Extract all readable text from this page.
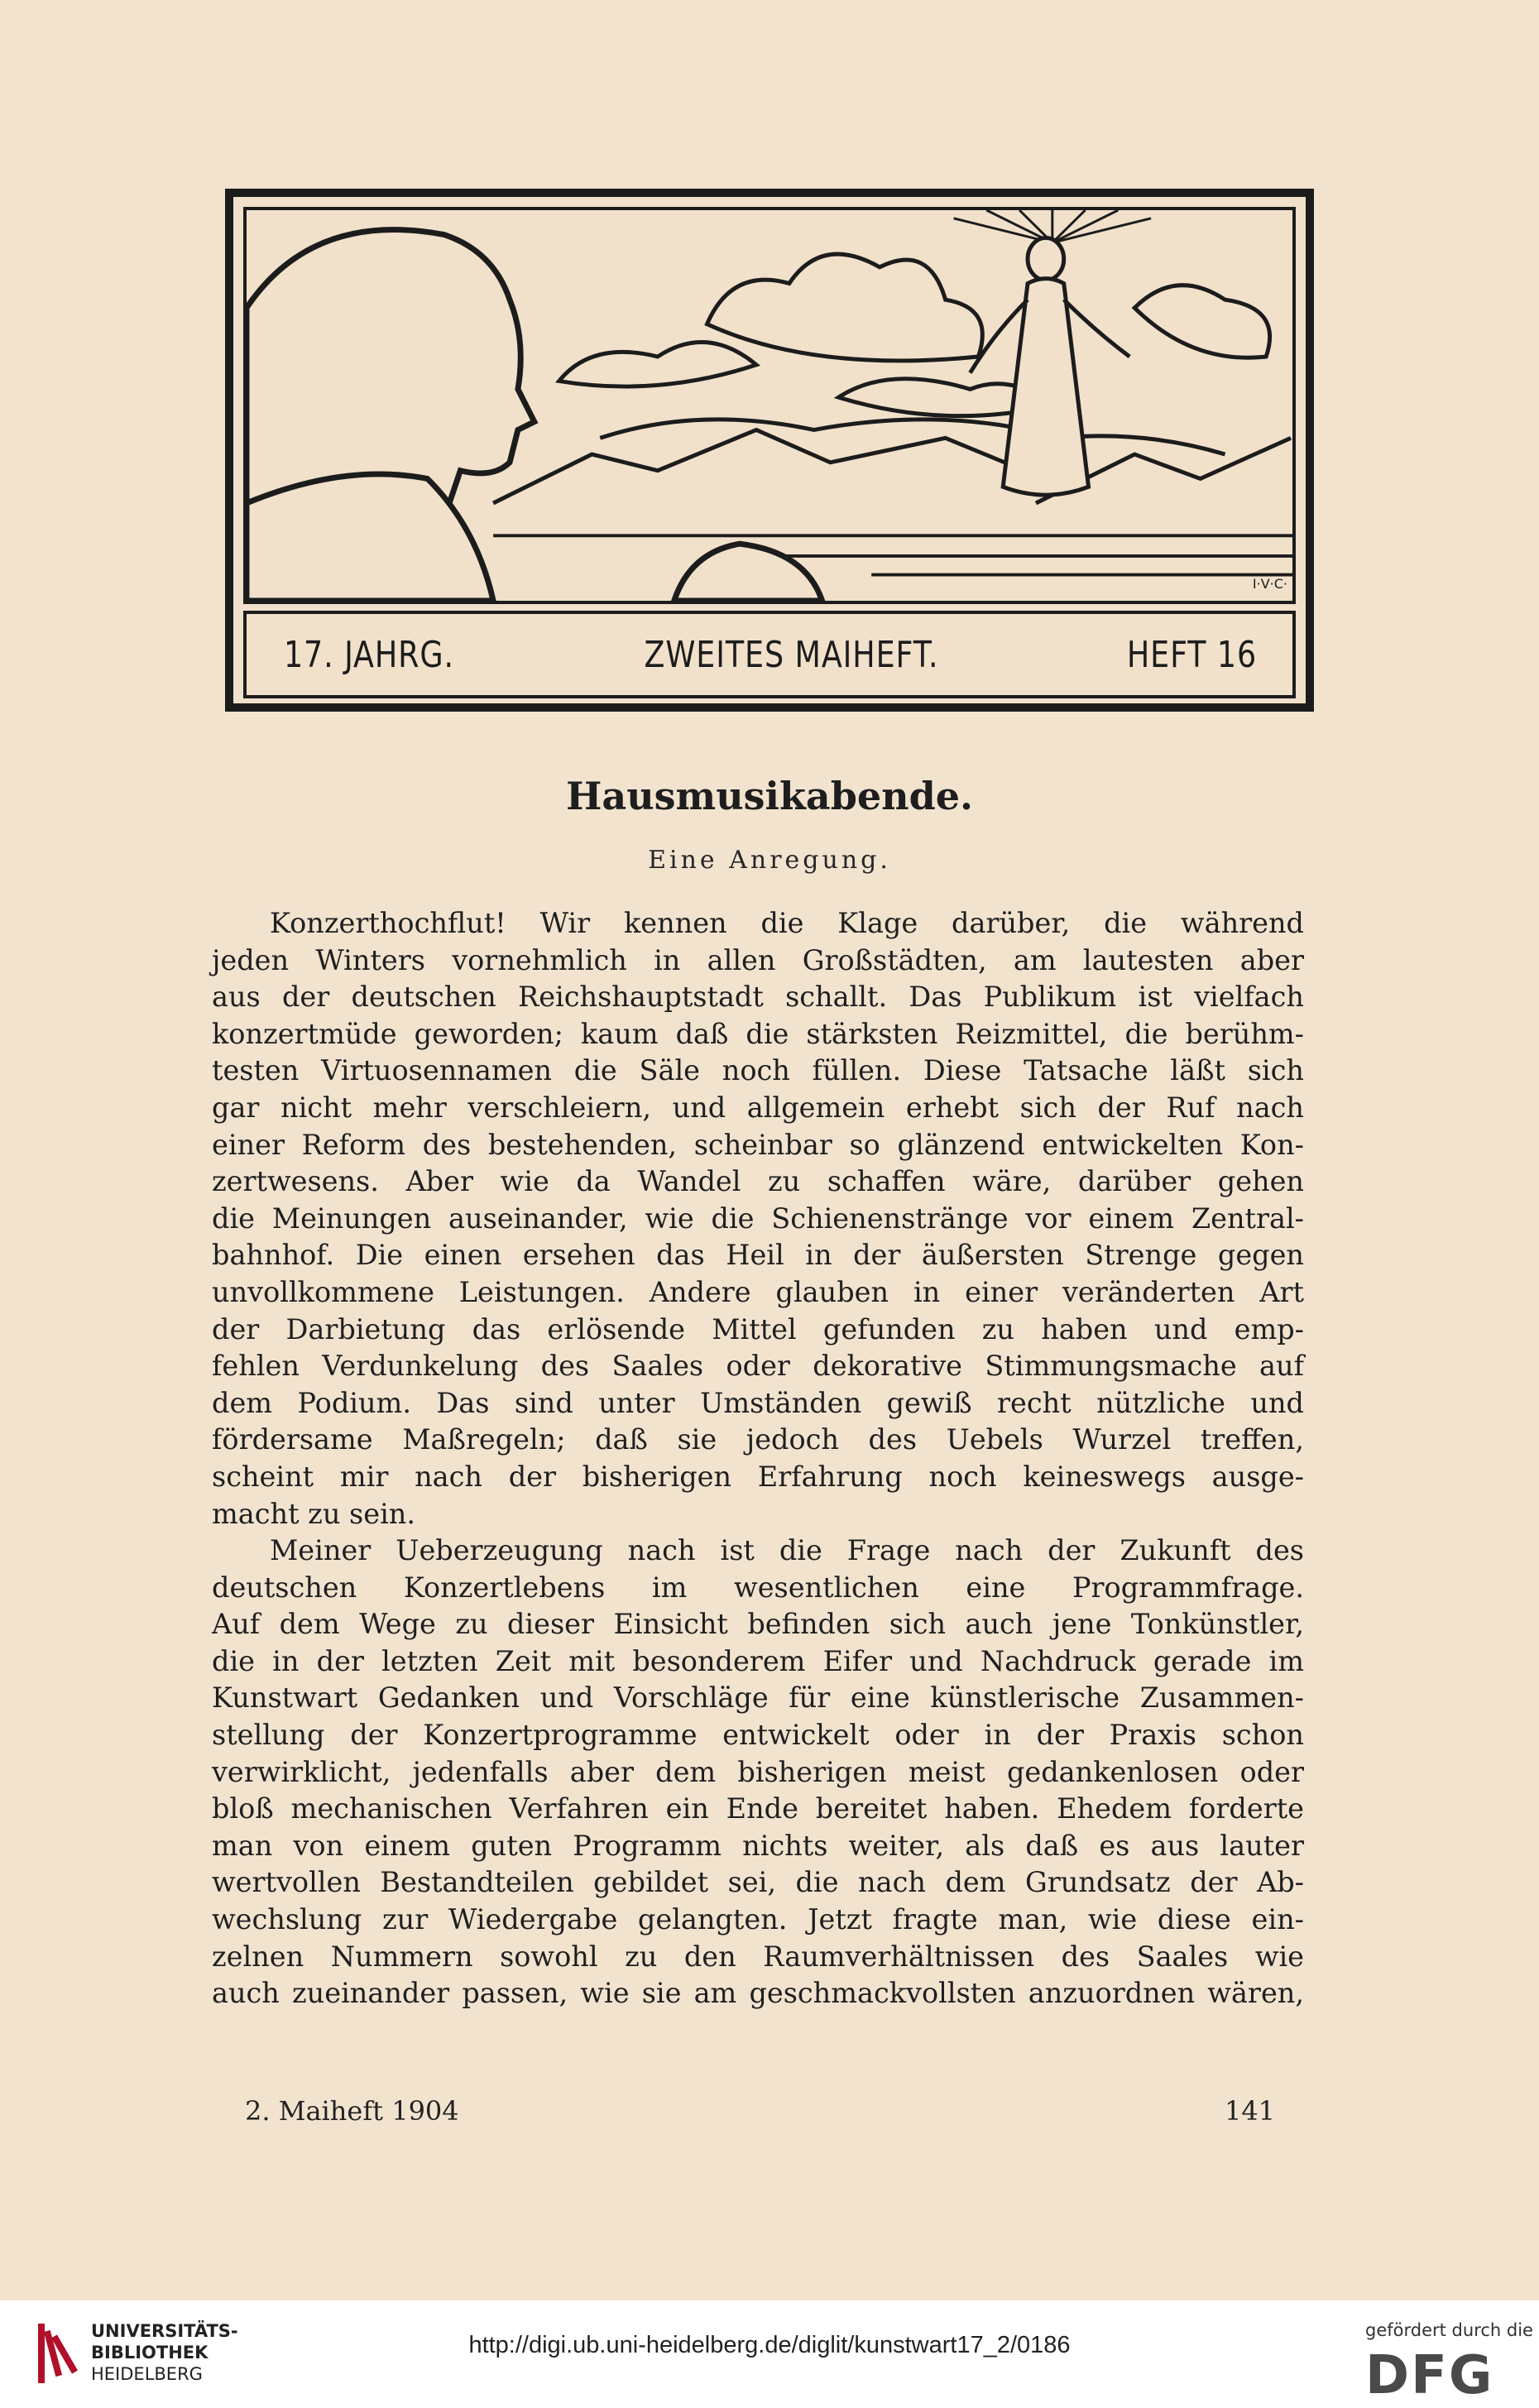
I·V·C·
17. JAHRG.	ZWEITES MAIHEFT.	HEFT 16
Hausmusikabende.
Eine Anregung.
Konzerthochflut! Wir kennen die Klage darüber, die während
jeden Winters vornehmlich in allen Großstädten, am lautesten aber
aus der deutschen Reichshauptstadt schallt. Das Publikum ist vielfach
konzertmüde geworden; kaum daß die stärksten Reizmittel, die berühm-
testen Virtuosennamen die Säle noch füllen. Diese Tatsache läßt sich
gar nicht mehr verschleiern, und allgemein erhebt sich der Ruf nach
einer Reform des bestehenden, scheinbar so glänzend entwickelten Kon-
zertwesens. Aber wie da Wandel zu schaffen wäre, darüber gehen
die Meinungen auseinander, wie die Schienenstränge vor einem Zentral-
bahnhof. Die einen ersehen das Heil in der äußersten Strenge gegen
unvollkommene Leistungen. Andere glauben in einer veränderten Art
der Darbietung das erlösende Mittel gefunden zu haben und emp-
fehlen Verdunkelung des Saales oder dekorative Stimmungsmache auf
dem Podium. Das sind unter Umständen gewiß recht nützliche und
fördersame Maßregeln; daß sie jedoch des Uebels Wurzel treffen,
scheint mir nach der bisherigen Erfahrung noch keineswegs ausge-
macht zu sein.
Meiner Ueberzeugung nach ist die Frage nach der Zukunft des
deutschen Konzertlebens im wesentlichen eine Programmfrage.
Auf dem Wege zu dieser Einsicht befinden sich auch jene Tonkünstler,
die in der letzten Zeit mit besonderem Eifer und Nachdruck gerade im
Kunstwart Gedanken und Vorschläge für eine künstlerische Zusammen-
stellung der Konzertprogramme entwickelt oder in der Praxis schon
verwirklicht, jedenfalls aber dem bisherigen meist gedankenlosen oder
bloß mechanischen Verfahren ein Ende bereitet haben. Ehedem forderte
man von einem guten Programm nichts weiter, als daß es aus lauter
wertvollen Bestandteilen gebildet sei, die nach dem Grundsatz der Ab-
wechslung zur Wiedergabe gelangten. Jetzt fragte man, wie diese ein-
zelnen Nummern sowohl zu den Raumverhältnissen des Saales wie
auch zueinander passen, wie sie am geschmackvollsten anzuordnen wären,
2. Maiheft 1904	141
UNIVERSITÄTS-
BIBLIOTHEK
HEIDELBERG
http://digi.ub.uni-heidelberg.de/diglit/kunstwart17_2/0186
gefördert durch die
DFG
